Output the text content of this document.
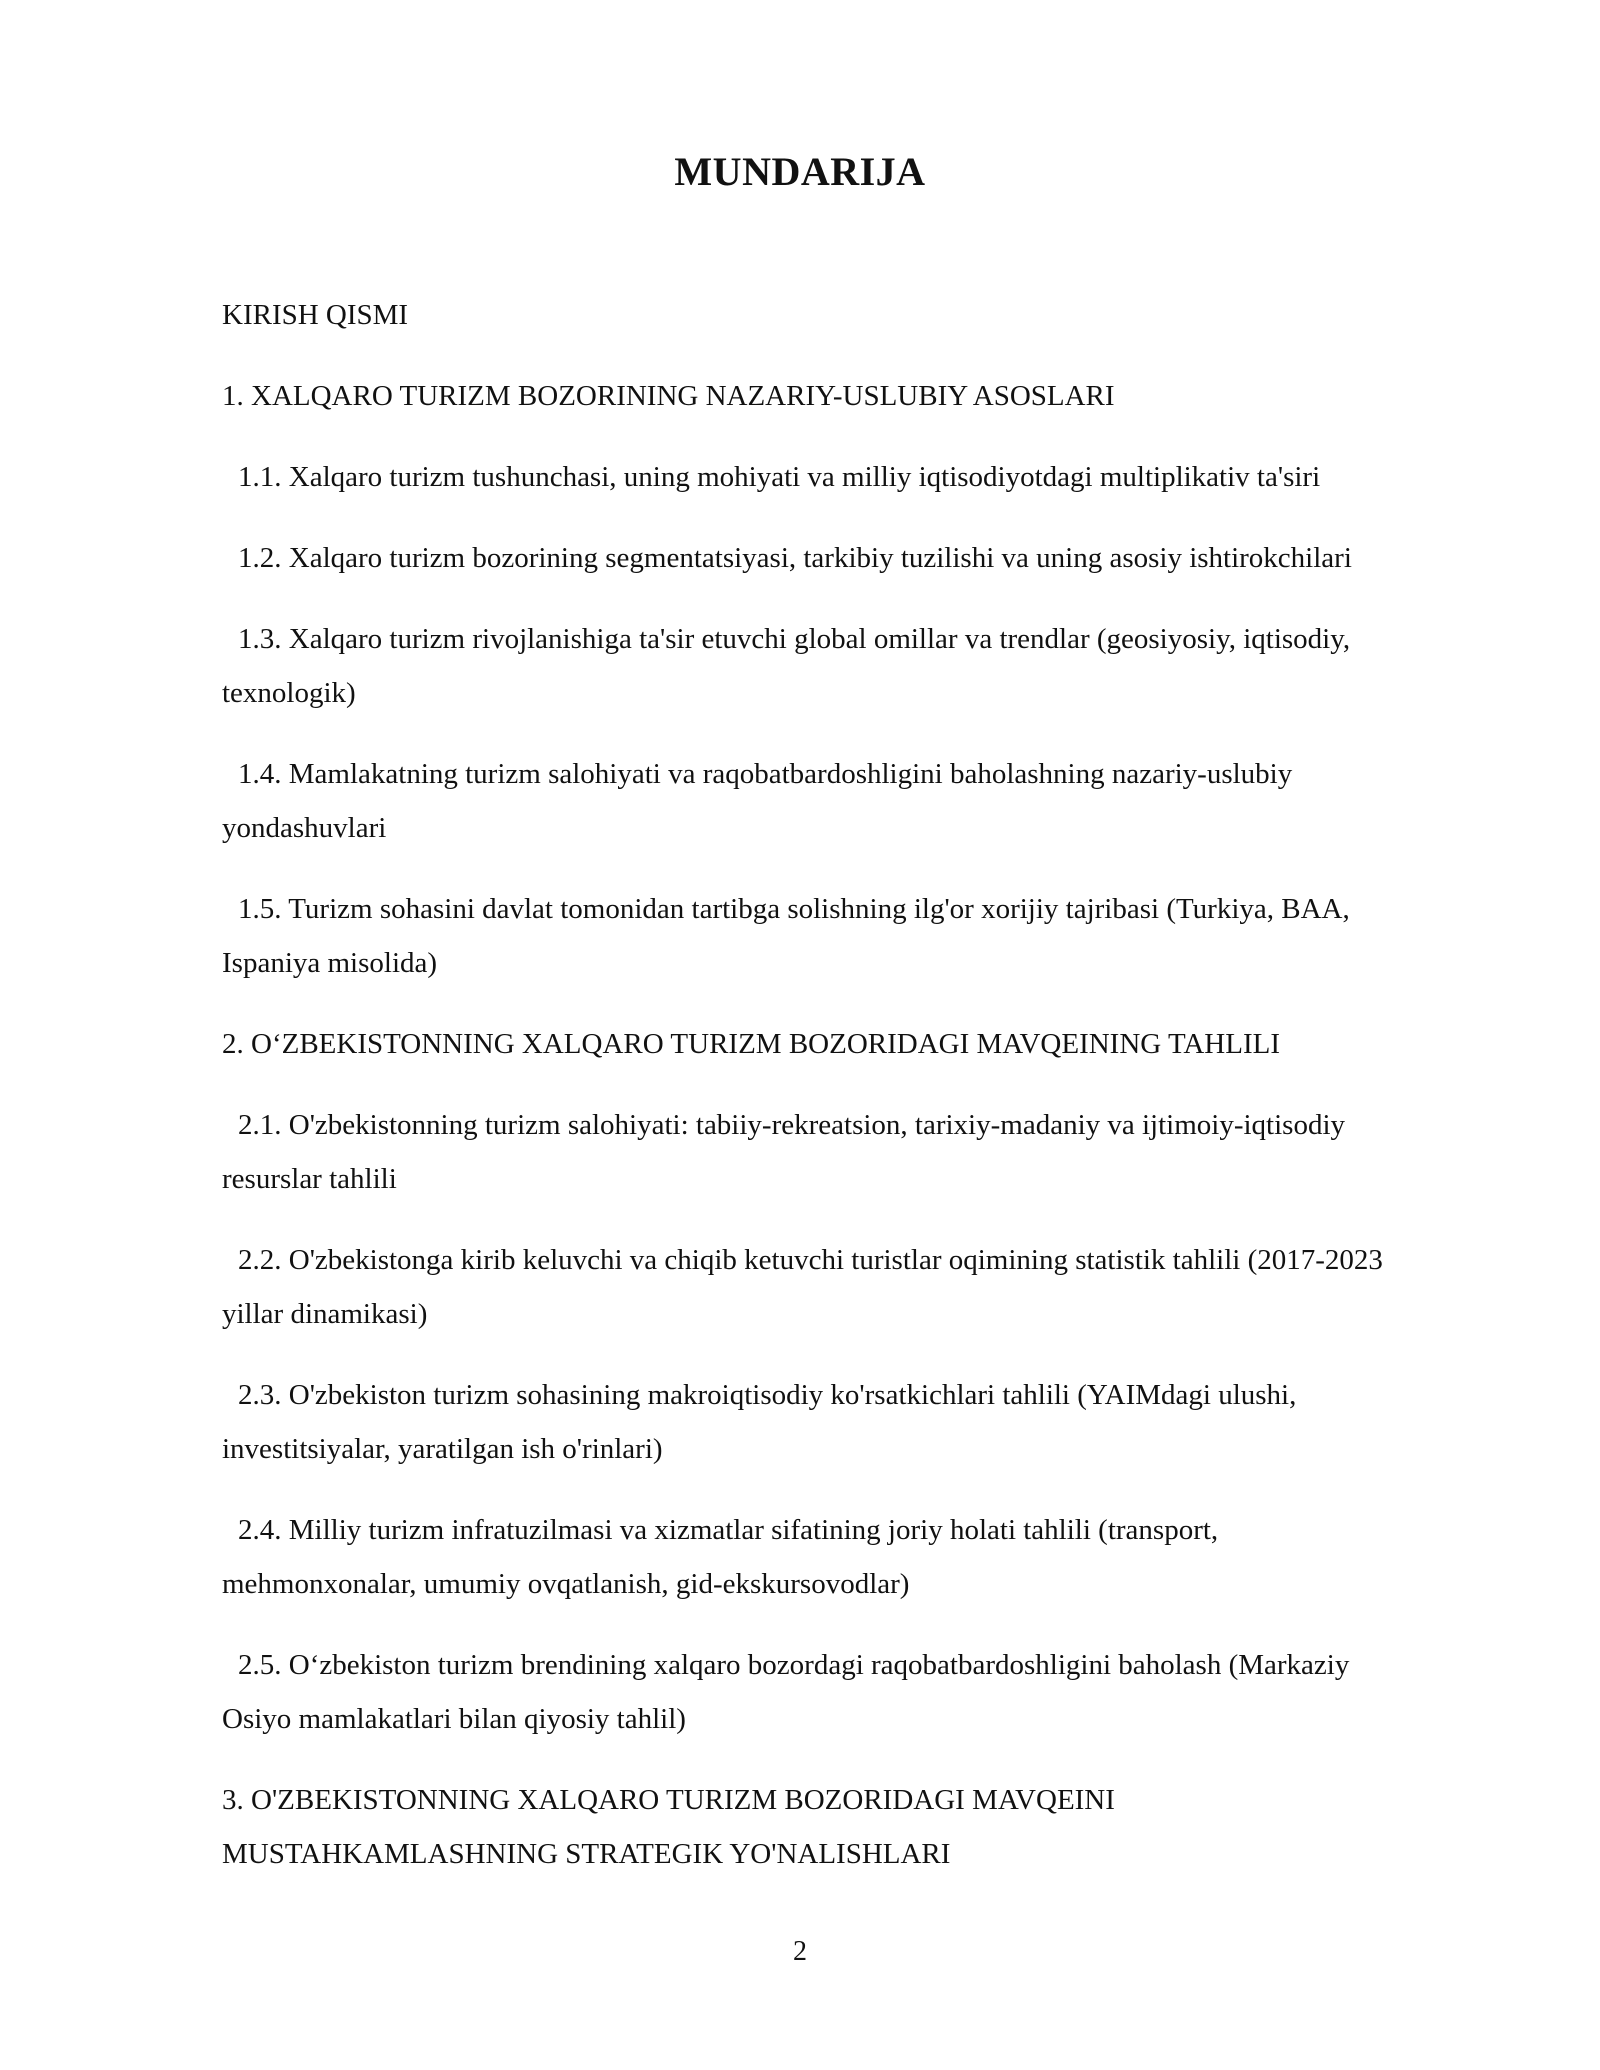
MUNDARIJA
KIRISH QISMI
1. XALQARO TURIZM BOZORINING NAZARIY-USLUBIY ASOSLARI
1.1. Xalqaro turizm tushunchasi, uning mohiyati va milliy iqtisodiyotdagi multiplikativ ta'siri
1.2. Xalqaro turizm bozorining segmentatsiyasi, tarkibiy tuzilishi va uning asosiy ishtirokchilari
1.3. Xalqaro turizm rivojlanishiga ta'sir etuvchi global omillar va trendlar (geosiyosiy, iqtisodiy,
texnologik)
1.4. Mamlakatning turizm salohiyati va raqobatbardoshligini baholashning nazariy-uslubiy
yondashuvlari
1.5. Turizm sohasini davlat tomonidan tartibga solishning ilg'or xorijiy tajribasi (Turkiya, BAA,
Ispaniya misolida)
2. O‘ZBEKISTONNING XALQARO TURIZM BOZORIDAGI MAVQEINING TAHLILI
2.1. O'zbekistonning turizm salohiyati: tabiiy-rekreatsion, tarixiy-madaniy va ijtimoiy-iqtisodiy
resurslar tahlili
2.2. O'zbekistonga kirib keluvchi va chiqib ketuvchi turistlar oqimining statistik tahlili (2017-2023
yillar dinamikasi)
2.3. O'zbekiston turizm sohasining makroiqtisodiy ko'rsatkichlari tahlili (YAIMdagi ulushi,
investitsiyalar, yaratilgan ish o'rinlari)
2.4. Milliy turizm infratuzilmasi va xizmatlar sifatining joriy holati tahlili (transport,
mehmonxonalar, umumiy ovqatlanish, gid-ekskursovodlar)
2.5. O‘zbekiston turizm brendining xalqaro bozordagi raqobatbardoshligini baholash (Markaziy
Osiyo mamlakatlari bilan qiyosiy tahlil)
3. O'ZBEKISTONNING XALQARO TURIZM BOZORIDAGI MAVQEINI
MUSTAHKAMLASHNING STRATEGIK YO'NALISHLARI
2
